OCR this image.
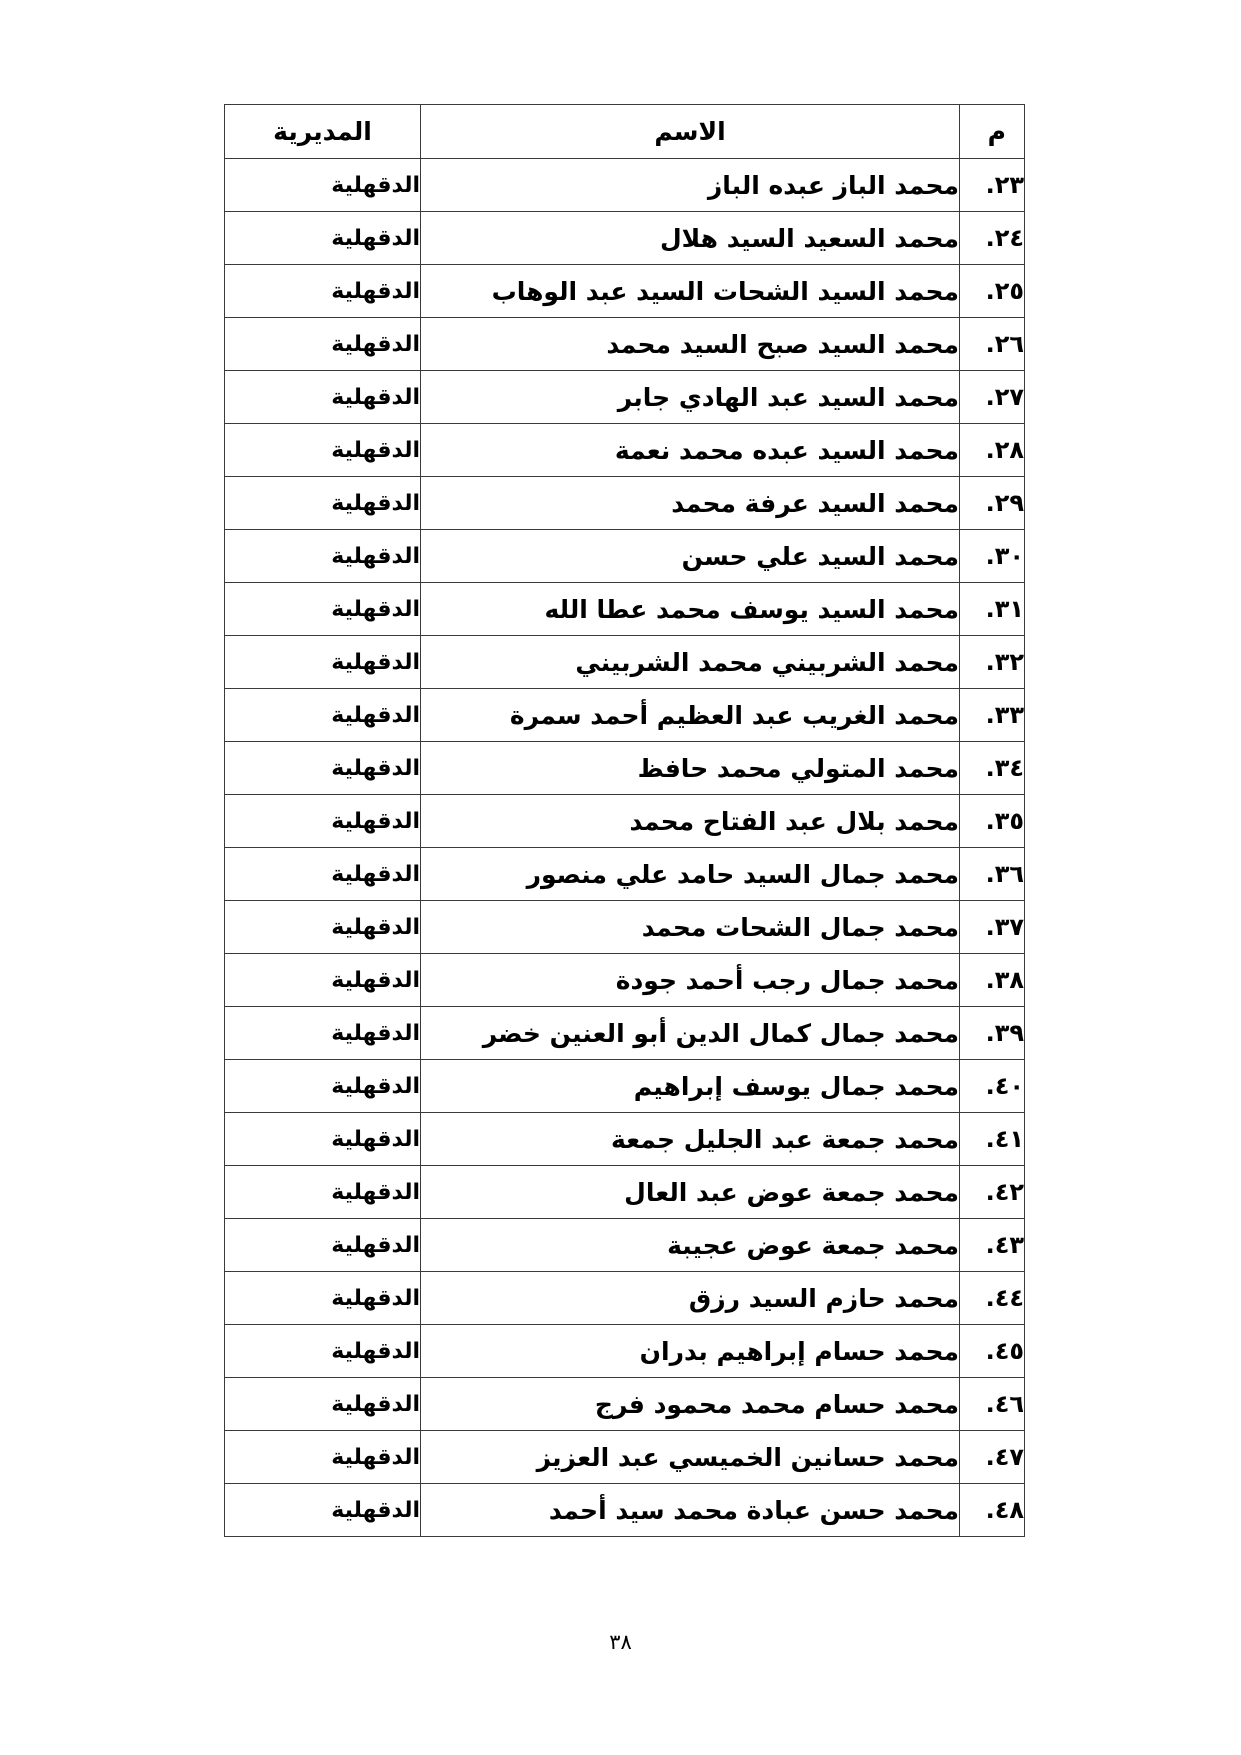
م	الاسم	المديرية
٢٣.	محمد الباز عبده الباز	الدقهلية
٢٤.	محمد السعيد السيد هلال	الدقهلية
٢٥.	محمد السيد الشحات السيد عبد الوهاب	الدقهلية
٢٦.	محمد السيد صبح السيد محمد	الدقهلية
٢٧.	محمد السيد عبد الهادي جابر	الدقهلية
٢٨.	محمد السيد عبده محمد نعمة	الدقهلية
٢٩.	محمد السيد عرفة محمد	الدقهلية
٣٠.	محمد السيد علي حسن	الدقهلية
٣١.	محمد السيد يوسف محمد عطا الله	الدقهلية
٣٢.	محمد الشربيني محمد الشربيني	الدقهلية
٣٣.	محمد الغريب عبد العظيم أحمد سمرة	الدقهلية
٣٤.	محمد المتولي محمد حافظ	الدقهلية
٣٥.	محمد بلال عبد الفتاح محمد	الدقهلية
٣٦.	محمد جمال السيد حامد علي منصور	الدقهلية
٣٧.	محمد جمال الشحات محمد	الدقهلية
٣٨.	محمد جمال رجب أحمد جودة	الدقهلية
٣٩.	محمد جمال كمال الدين أبو العنين خضر	الدقهلية
٤٠.	محمد جمال يوسف إبراهيم	الدقهلية
٤١.	محمد جمعة عبد الجليل جمعة	الدقهلية
٤٢.	محمد جمعة عوض عبد العال	الدقهلية
٤٣.	محمد جمعة عوض عجيبة	الدقهلية
٤٤.	محمد حازم السيد رزق	الدقهلية
٤٥.	محمد حسام إبراهيم بدران	الدقهلية
٤٦.	محمد حسام محمد محمود فرج	الدقهلية
٤٧.	محمد حسانين الخميسي عبد العزيز	الدقهلية
٤٨.	محمد حسن عبادة محمد سيد أحمد	الدقهلية
٣٨
